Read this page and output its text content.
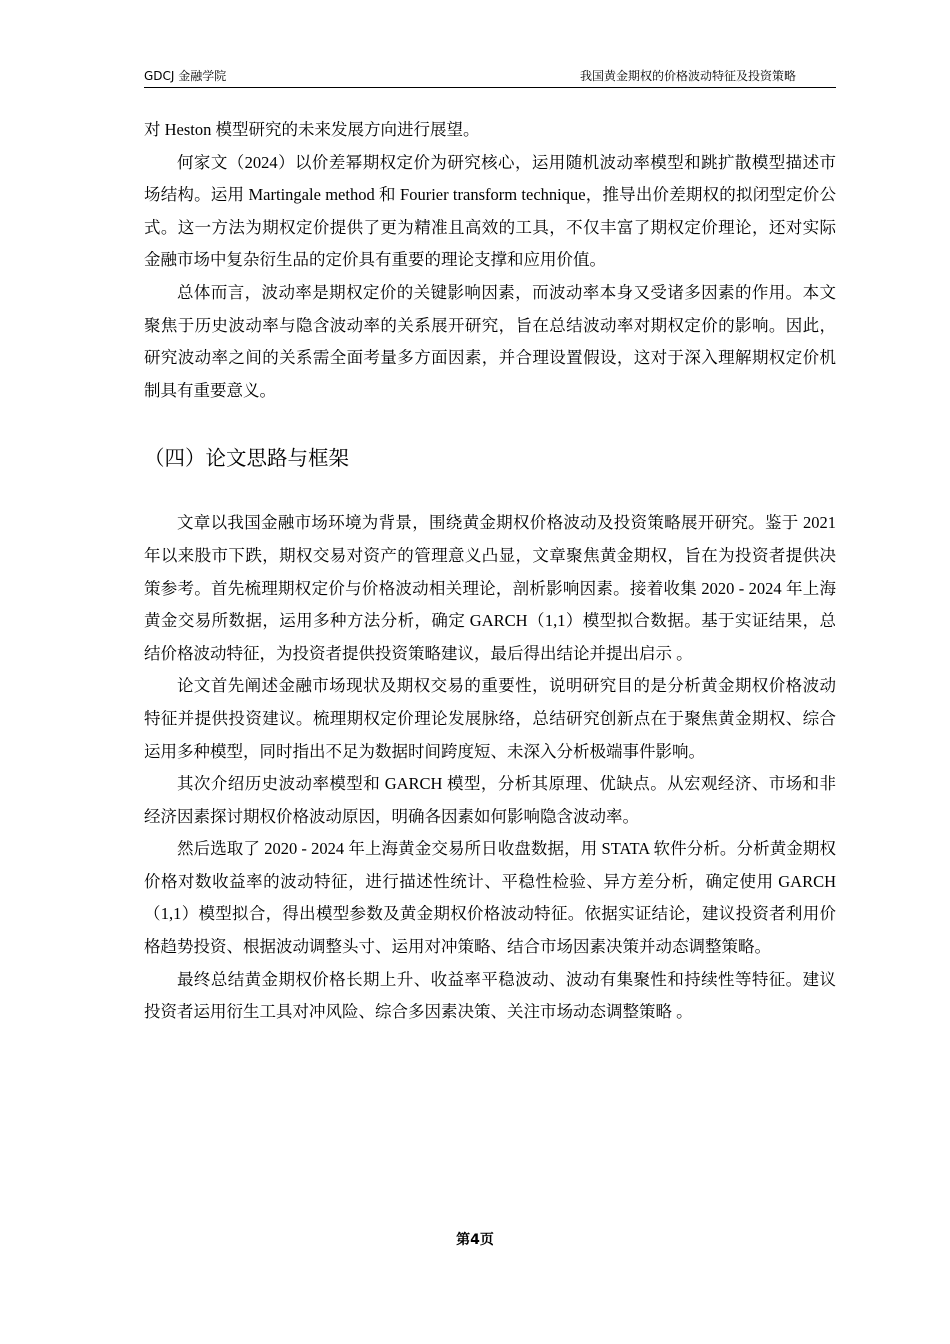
GDCJ 金融学院	我国黄金期权的价格波动特征及投资策略

对 Heston 模型研究的未来发展方向进行展望。

何家文（2024）以价差幂期权定价为研究核心，运用随机波动率模型和跳扩散模型描述市场结构。运用 Martingale method 和 Fourier transform technique，推导出价差期权的拟闭型定价公式。这一方法为期权定价提供了更为精准且高效的工具，不仅丰富了期权定价理论，还对实际金融市场中复杂衍生品的定价具有重要的理论支撑和应用价值。

总体而言，波动率是期权定价的关键影响因素，而波动率本身又受诸多因素的作用。本文聚焦于历史波动率与隐含波动率的关系展开研究，旨在总结波动率对期权定价的影响。因此，研究波动率之间的关系需全面考量多方面因素，并合理设置假设，这对于深入理解期权定价机制具有重要意义。

（四）论文思路与框架

文章以我国金融市场环境为背景，围绕黄金期权价格波动及投资策略展开研究。鉴于 2021 年以来股市下跌，期权交易对资产的管理意义凸显，文章聚焦黄金期权，旨在为投资者提供决策参考。首先梳理期权定价与价格波动相关理论，剖析影响因素。接着收集 2020 - 2024 年上海黄金交易所数据，运用多种方法分析，确定 GARCH（1,1）模型拟合数据。基于实证结果，总结价格波动特征，为投资者提供投资策略建议，最后得出结论并提出启示 。

论文首先阐述金融市场现状及期权交易的重要性，说明研究目的是分析黄金期权价格波动特征并提供投资建议。梳理期权定价理论发展脉络，总结研究创新点在于聚焦黄金期权、综合运用多种模型，同时指出不足为数据时间跨度短、未深入分析极端事件影响。

其次介绍历史波动率模型和 GARCH 模型，分析其原理、优缺点。从宏观经济、市场和非经济因素探讨期权价格波动原因，明确各因素如何影响隐含波动率。

然后选取了 2020 - 2024 年上海黄金交易所日收盘数据，用 STATA 软件分析。分析黄金期权价格对数收益率的波动特征，进行描述性统计、平稳性检验、异方差分析，确定使用 GARCH（1,1）模型拟合，得出模型参数及黄金期权价格波动特征。依据实证结论，建议投资者利用价格趋势投资、根据波动调整头寸、运用对冲策略、结合市场因素决策并动态调整策略。

最终总结黄金期权价格长期上升、收益率平稳波动、波动有集聚性和持续性等特征。建议投资者运用衍生工具对冲风险、综合多因素决策、关注市场动态调整策略 。

第4页
